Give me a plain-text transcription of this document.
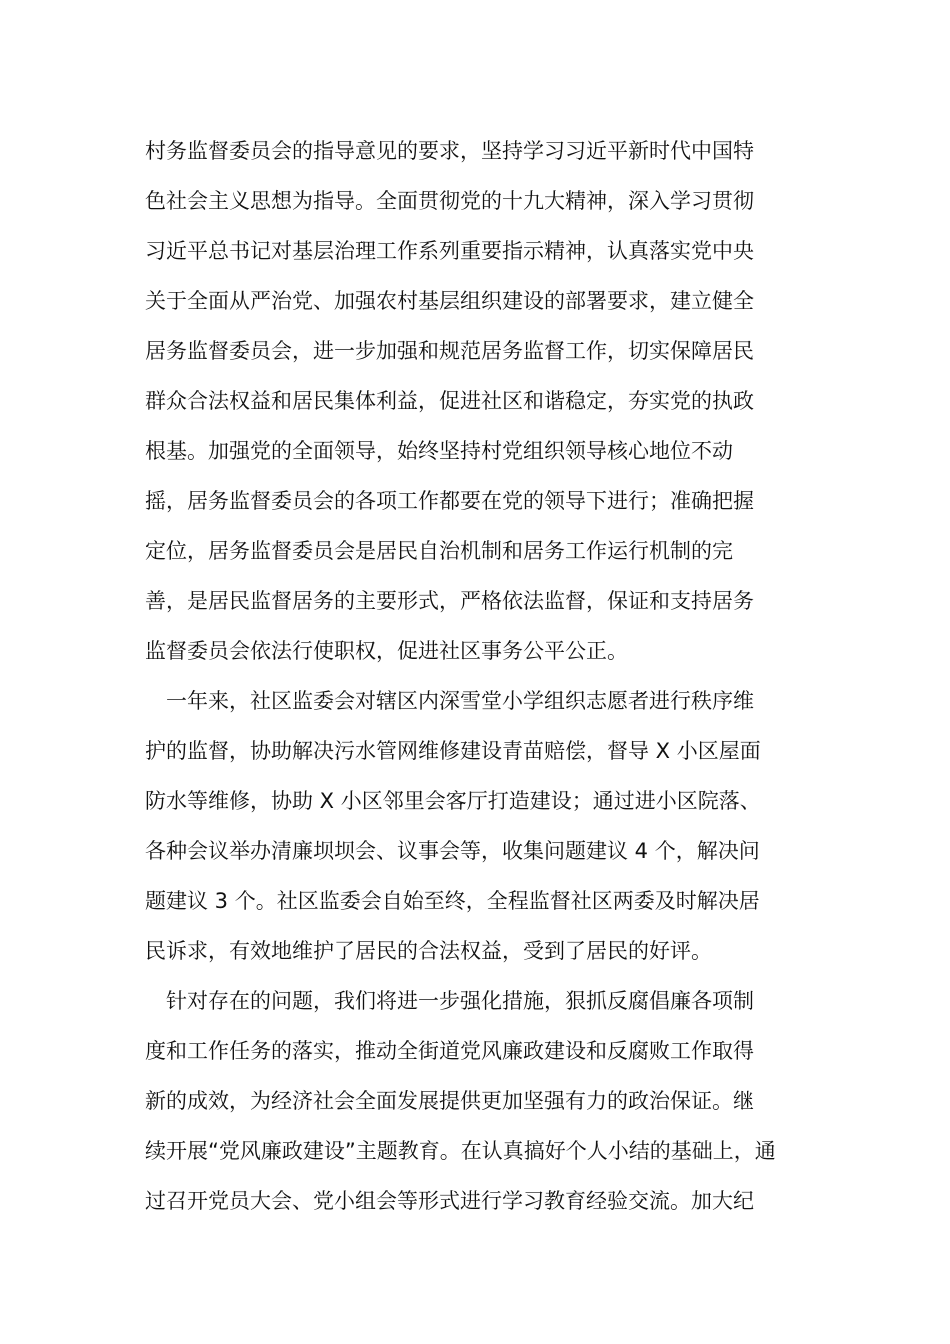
村务监督委员会的指导意见的要求，坚持学习习近平新时代中国特
色社会主义思想为指导。全面贯彻党的十九大精神，深入学习贯彻
习近平总书记对基层治理工作系列重要指示精神，认真落实党中央
关于全面从严治党、加强农村基层组织建设的部署要求，建立健全
居务监督委员会，进一步加强和规范居务监督工作，切实保障居民
群众合法权益和居民集体利益，促进社区和谐稳定，夯实党的执政
根基。加强党的全面领导，始终坚持村党组织领导核心地位不动
摇，居务监督委员会的各项工作都要在党的领导下进行；准确把握
定位，居务监督委员会是居民自治机制和居务工作运行机制的完
善，是居民监督居务的主要形式，严格依法监督，保证和支持居务
监督委员会依法行使职权，促进社区事务公平公正。
　一年来，社区监委会对辖区内深雪堂小学组织志愿者进行秩序维
护的监督，协助解决污水管网维修建设青苗赔偿，督导 X 小区屋面
防水等维修，协助 X 小区邻里会客厅打造建设；通过进小区院落、
各种会议举办清廉坝坝会、议事会等，收集问题建议 4 个，解决问
题建议 3 个。社区监委会自始至终，全程监督社区两委及时解决居
民诉求，有效地维护了居民的合法权益，受到了居民的好评。
　针对存在的问题，我们将进一步强化措施，狠抓反腐倡廉各项制
度和工作任务的落实，推动全街道党风廉政建设和反腐败工作取得
新的成效，为经济社会全面发展提供更加坚强有力的政治保证。继
续开展“党风廉政建设”主题教育。在认真搞好个人小结的基础上，通
过召开党员大会、党小组会等形式进行学习教育经验交流。加大纪
